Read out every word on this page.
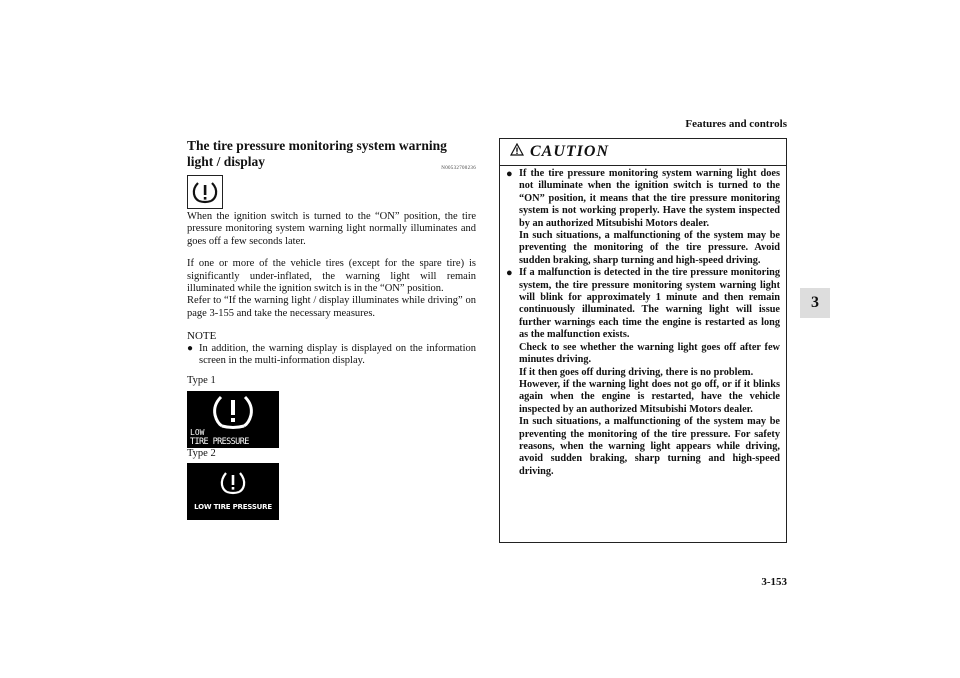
Features and controls
3
3-153
The tire pressure monitoring system warning light / display	N00532700236

When the ignition switch is turned to the “ON” position, the tire pressure monitoring system warning light normally illuminates and goes off a few seconds later.

If one or more of the vehicle tires (except for the spare tire) is significantly under-inflated, the warning light will remain illuminated while the ignition switch is in the “ON” position.

Refer to “If the warning light / display illuminates while driving” on page 3-155 and take the necessary measures.

NOTE
● In addition, the warning display is displayed on the information screen in the multi-information display.

Type 1
LOW
TIRE PRESSURE
Type 2
LOW TIRE PRESSURE
CAUTION
● If the tire pressure monitoring system warning light does not illuminate when the ignition switch is turned to the “ON” position, it means that the tire pressure monitoring system is not working properly. Have the system inspected by an authorized Mitsubishi Motors dealer.

In such situations, a malfunctioning of the system may be preventing the monitoring of the tire pressure. Avoid sudden braking, sharp turning and high-speed driving.

● If a malfunction is detected in the tire pressure monitoring system, the tire pressure monitoring system warning light will blink for approximately 1 minute and then remain continuously illuminated. The warning light will issue further warnings each time the engine is restarted as long as the malfunction exists.

Check to see whether the warning light goes off after few minutes driving.

If it then goes off during driving, there is no problem.

However, if the warning light does not go off, or if it blinks again when the engine is restarted, have the vehicle inspected by an authorized Mitsubishi Motors dealer.

In such situations, a malfunctioning of the system may be preventing the monitoring of the tire pressure. For safety reasons, when the warning light appears while driving, avoid sudden braking, sharp turning and high-speed driving.
